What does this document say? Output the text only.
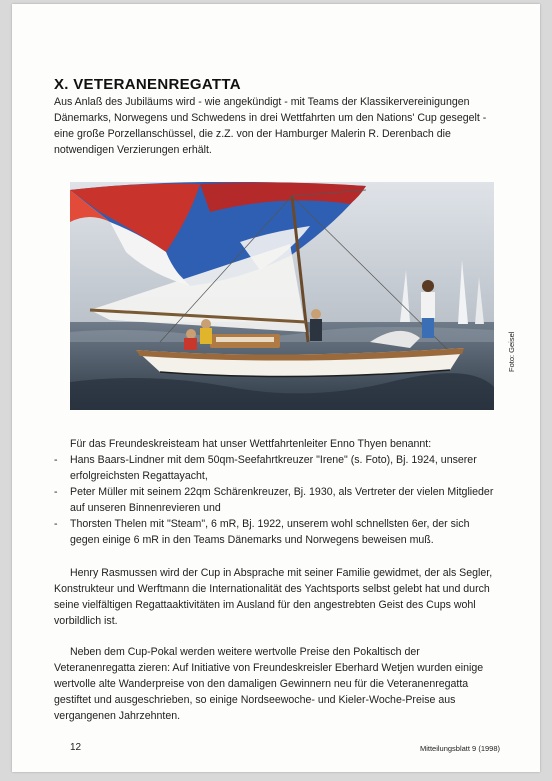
X. VETERANENREGATTA

Aus Anlaß des Jubiläums wird - wie angekündigt - mit Teams der Klassikervereinigungen Dänemarks, Norwegens und Schwedens in drei Wettfahrten um den Nations' Cup gesegelt - eine große Porzellanschüssel, die z.Z. von der Hamburger Malerin R. Derenbach die notwendigen Verzierungen erhält.

Foto: Geisel

Für das Freundeskreisteam hat unser Wettfahrtenleiter Enno Thyen benannt:

- Hans Baars-Lindner mit dem 50qm-Seefahrtkreuzer "Irene" (s. Foto), Bj. 1924, unserer erfolgreichsten Regattayacht,
- Peter Müller mit seinem 22qm Schärenkreuzer, Bj. 1930, als Vertreter der vielen Mitglieder auf unseren Binnenrevieren und
- Thorsten Thelen mit "Steam", 6 mR, Bj. 1922, unserem wohl schnellsten 6er, der sich gegen einige 6 mR in den Teams Dänemarks und Norwegens beweisen muß.

Henry Rasmussen wird der Cup in Absprache mit seiner Familie gewidmet, der als Segler, Konstrukteur und Werftmann die Internationalität des Yachtsports selbst gelebt hat und durch seine vielfältigen Regattaaktivitäten im Ausland für den angestrebten Geist des Cups wohl vorbildlich ist.

Neben dem Cup-Pokal werden weitere wertvolle Preise den Pokaltisch der Veteranenregatta zieren: Auf Initiative von Freundeskreisler Eberhard Wetjen wurden einige wertvolle alte Wanderpreise von den damaligen Gewinnern neu für die Veteranenregatta gestiftet und ausgeschrieben, so einige Nordseewoche- und Kieler-Woche-Preise aus vergangenen Jahrzehnten.

12	Mitteilungsblatt 9 (1998)
